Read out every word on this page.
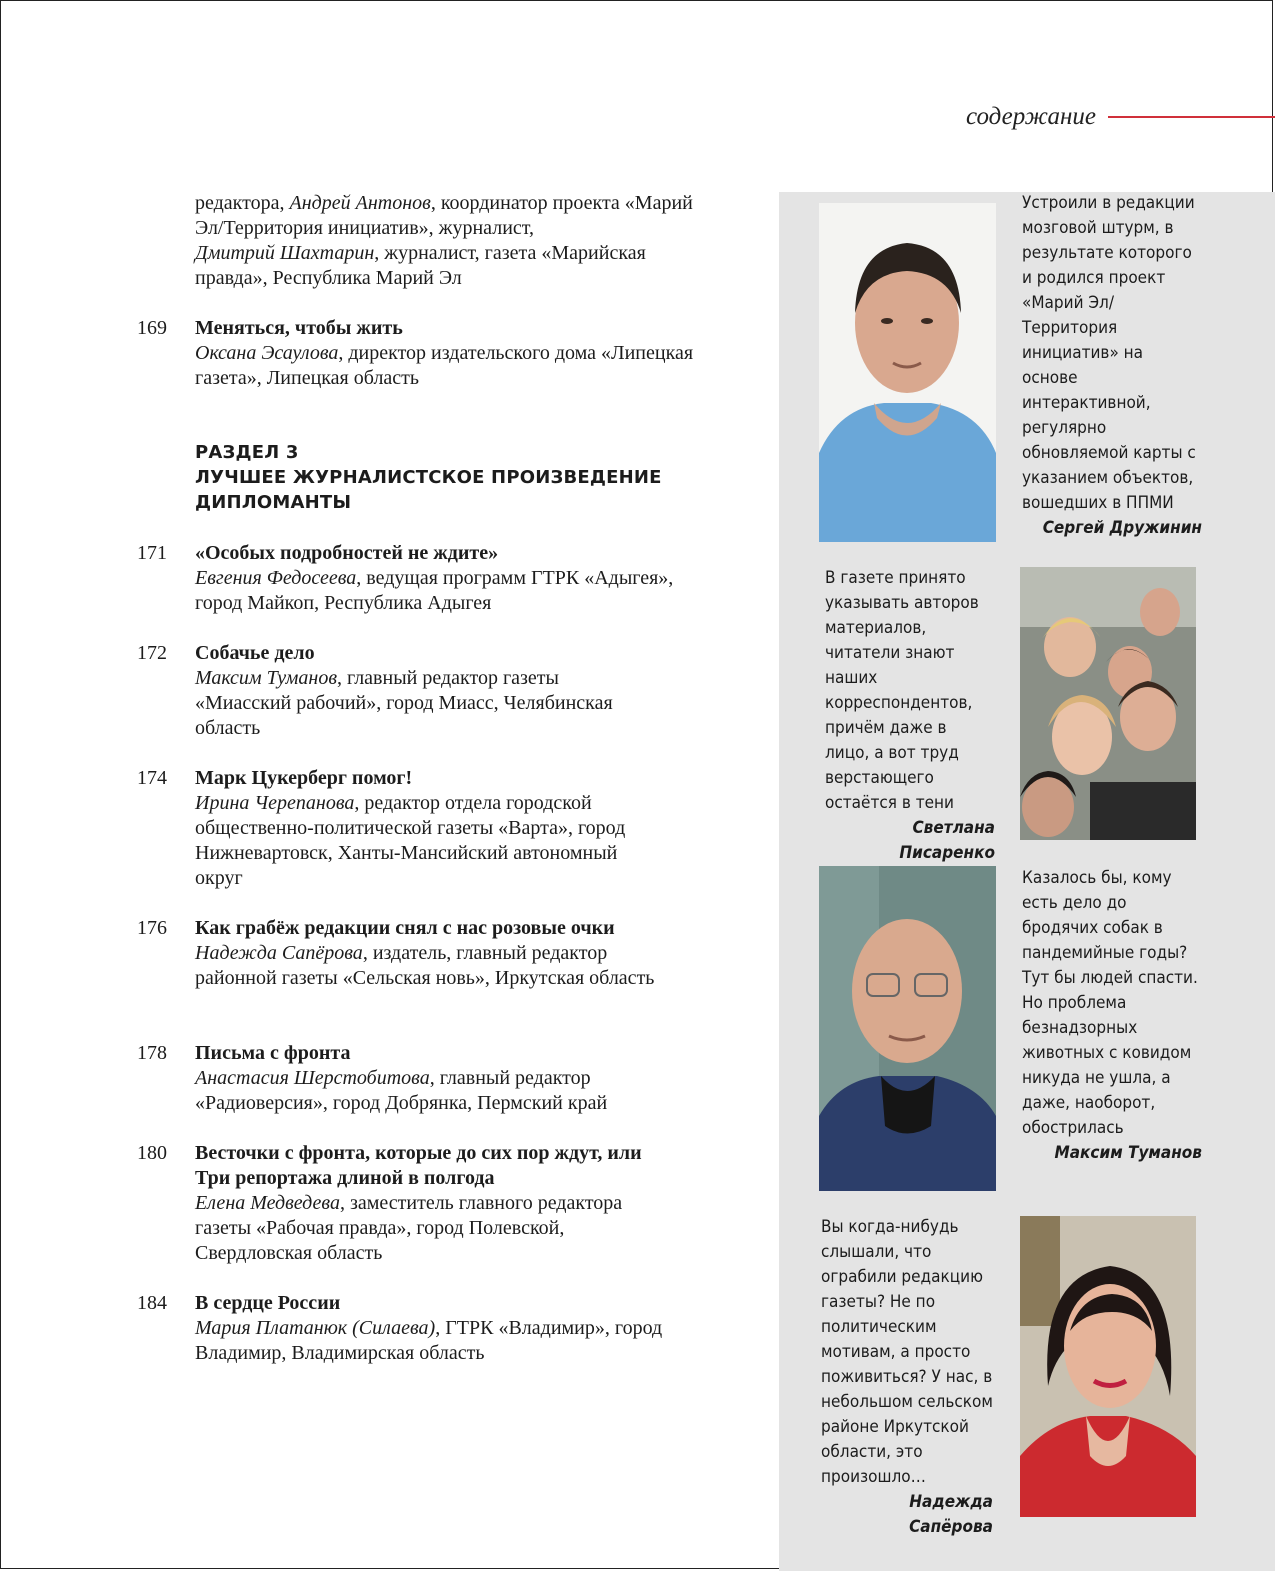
содержание
редактора, Андрей Антонов, координатор проекта «Марий Эл/Территория инициатив», журналист,
Дмитрий Шахтарин, журналист, газета «Марийская правда», Республика Марий Эл
169	Меняться, чтобы жить
Оксана Эсаулова, директор издательского дома «Липецкая газета», Липецкая область
РАЗДЕЛ 3
ЛУЧШЕЕ ЖУРНАЛИСТСКОЕ ПРОИЗВЕДЕНИЕ
ДИПЛОМАНТЫ
171	«Особых подробностей не ждите»
Евгения Федосеева, ведущая программ ГТРК «Адыгея», город Майкоп, Республика Адыгея
172	Собачье дело
Максим Туманов, главный редактор газеты «Миасский рабочий», город Миасс, Челябинская область
174	Марк Цукерберг помог!
Ирина Черепанова, редактор отдела городской общественно-политической газеты «Варта», город Нижневартовск, Ханты-Мансийский автономный округ
176	Как грабёж редакции снял с нас розовые очки
Надежда Сапёрова, издатель, главный редактор районной газеты «Сельская новь», Иркутская область
178	Письма с фронта
Анастасия Шерстобитова, главный редактор «Радиоверсия», город Добрянка, Пермский край
180	Весточки с фронта, которые до сих пор ждут, или Три репортажа длиной в полгода
Елена Медведева, заместитель главного редактора газеты «Рабочая правда», город Полевской, Свердловская область
184	В сердце России
Мария Платанюк (Силаева), ГТРК «Владимир», город Владимир, Владимирская область

Устроили в редакции мозговой штурм, в результате которого и родился проект «Марий Эл/Территория инициатив» на основе интерактивной, регулярно обновляемой карты с указанием объектов, вошедших в ППМИ

Сергей Дружинин

В газете принято указывать авторов материалов, читатели знают наших корреспондентов, причём даже в лицо, а вот труд верстающего остаётся в тени

Светлана Писаренко

Казалось бы, кому есть дело до бродячих собак в пандемийные годы? Тут бы людей спасти.

Но проблема безнадзорных животных с ковидом никуда не ушла, а даже, наоборот, обострилась

Максим Туманов

Вы когда-нибудь слышали, что ограбили редакцию газеты? Не по политическим мотивам, а просто поживиться? У нас, в небольшом сельском районе Иркутской области, это произошло…

Надежда Сапёрова
